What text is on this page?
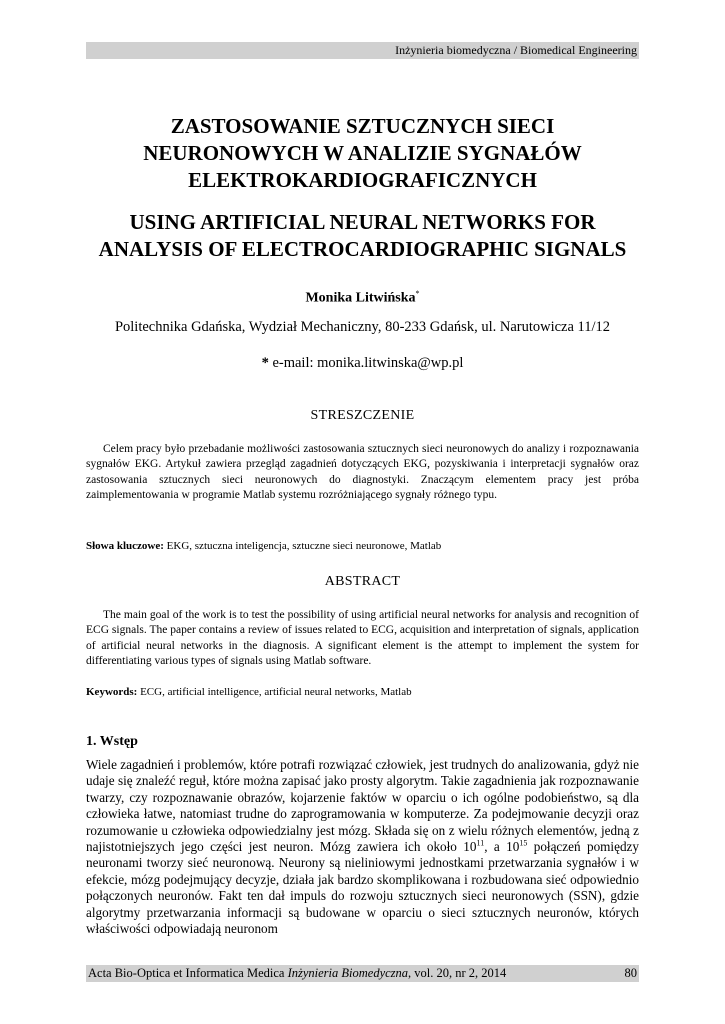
Inżynieria biomedyczna / Biomedical Engineering
ZASTOSOWANIE SZTUCZNYCH SIECI
NEURONOWYCH W ANALIZIE SYGNAŁÓW
ELEKTROKARDIOGRAFICZNYCH
USING ARTIFICIAL NEURAL NETWORKS FOR
ANALYSIS OF ELECTROCARDIOGRAPHIC SIGNALS
Monika Litwińska*
Politechnika Gdańska, Wydział Mechaniczny, 80-233 Gdańsk, ul. Narutowicza 11/12
* e-mail: monika.litwinska@wp.pl
STRESZCZENIE

Celem pracy było przebadanie możliwości zastosowania sztucznych sieci neuronowych do analizy i rozpoznawania sygnałów EKG. Artykuł zawiera przegląd zagadnień dotyczących EKG, pozyskiwania i interpretacji sygnałów oraz zastosowania sztucznych sieci neuronowych do diagnostyki. Znaczącym elementem pracy jest próba zaimplementowania w programie Matlab systemu rozróżniającego sygnały różnego typu.

Słowa kluczowe: EKG, sztuczna inteligencja, sztuczne sieci neuronowe, Matlab
ABSTRACT

The main goal of the work is to test the possibility of using artificial neural networks for analysis and recognition of ECG signals. The paper contains a review of issues related to ECG, acquisition and interpretation of signals, application of artificial neural networks in the diagnosis. A significant element is the attempt to implement the system for differentiating various types of signals using Matlab software.

Keywords: ECG, artificial intelligence, artificial neural networks, Matlab
1. Wstęp

Wiele zagadnień i problemów, które potrafi rozwiązać człowiek, jest trudnych do analizowania, gdyż nie udaje się znaleźć reguł, które można zapisać jako prosty algorytm. Takie zagadnienia jak rozpoznawanie twarzy, czy rozpoznawanie obrazów, kojarzenie faktów w oparciu o ich ogólne podobieństwo, są dla człowieka łatwe, natomiast trudne do zaprogramowania w komputerze. Za podejmowanie decyzji oraz rozumowanie u człowieka odpowiedzialny jest mózg. Składa się on z wielu różnych elementów, jedną z najistotniejszych jego części jest neuron. Mózg zawiera ich około $10^{11}$, a $10^{15}$ połączeń pomiędzy neuronami tworzy sieć neuronową. Neurony są nieliniowymi jednostkami przetwarzania sygnałów i w efekcie, mózg podejmujący decyzje, działa jak bardzo skomplikowana i rozbudowana sieć odpowiednio połączonych neuronów. Fakt ten dał impuls do rozwoju sztucznych sieci neuronowych (SSN), gdzie algorytmy przetwarzania informacji są budowane w oparciu o sieci sztucznych neuronów, których właściwości odpowiadają neuronom

Acta Bio-Optica et Informatica Medica Inżynieria Biomedyczna, vol. 20, nr 2, 2014	80
